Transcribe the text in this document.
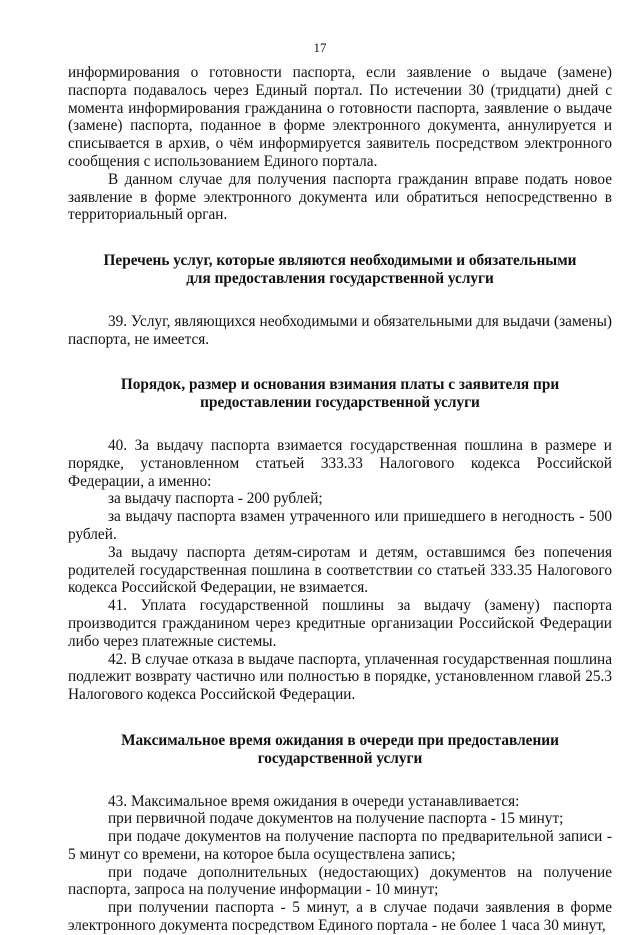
17

информирования о готовности паспорта, если заявление о выдаче (замене) паспорта подавалось через Единый портал. По истечении 30 (тридцати) дней с момента информирования гражданина о готовности паспорта, заявление о выдаче (замене) паспорта, поданное в форме электронного документа, аннулируется и списывается в архив, о чём информируется заявитель посредством электронного сообщения с использованием Единого портала.

В данном случае для получения паспорта гражданин вправе подать новое заявление в форме электронного документа или обратиться непосредственно в территориальный орган.

Перечень услуг, которые являются необходимыми и обязательными

для предоставления государственной услуги

39. Услуг, являющихся необходимыми и обязательными для выдачи (замены) паспорта, не имеется.

Порядок, размер и основания взимания платы с заявителя при

предоставлении государственной услуги

40. За выдачу паспорта взимается государственная пошлина в размере и порядке, установленном статьей 333.33 Налогового кодекса Российской Федерации, а именно:

за выдачу паспорта - 200 рублей;

за выдачу паспорта взамен утраченного или пришедшего в негодность - 500 рублей.

За выдачу паспорта детям-сиротам и детям, оставшимся без попечения родителей государственная пошлина в соответствии со статьей 333.35 Налогового кодекса Российской Федерации, не взимается.

41. Уплата государственной пошлины за выдачу (замену) паспорта производится гражданином через кредитные организации Российской Федерации либо через платежные системы.

42. В случае отказа в выдаче паспорта, уплаченная государственная пошлина подлежит возврату частично или полностью в порядке, установленном главой 25.3 Налогового кодекса Российской Федерации.

Максимальное время ожидания в очереди при предоставлении

государственной услуги

43. Максимальное время ожидания в очереди устанавливается:

при первичной подаче документов на получение паспорта - 15 минут;

при подаче документов на получение паспорта по предварительной записи - 5 минут со времени, на которое была осуществлена запись;

при подаче дополнительных (недостающих) документов на получение паспорта, запроса на получение информации - 10 минут;

при получении паспорта - 5 минут, а в случае подачи заявления в форме электронного документа посредством Единого портала - не более 1 часа 30 минут,
